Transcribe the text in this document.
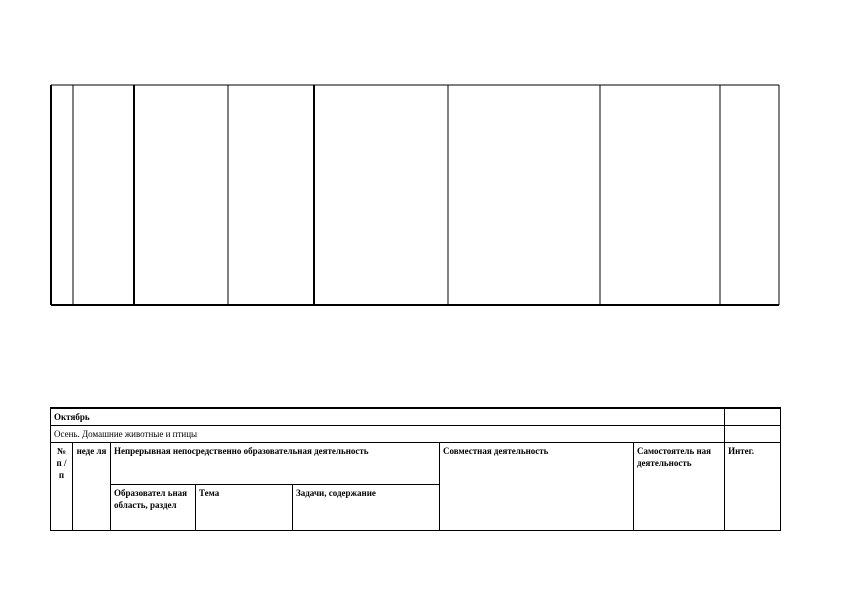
Октябрь							
Осень. Домашние животные и птицы							
№ п /п	неде ля	Непрерывная непосредственно образовательная деятельность			Совместная деятельность	Самостоятель ная деятельность	Интег.
		Образовател ьная область, раздел	Тема	Задачи, содержание			
